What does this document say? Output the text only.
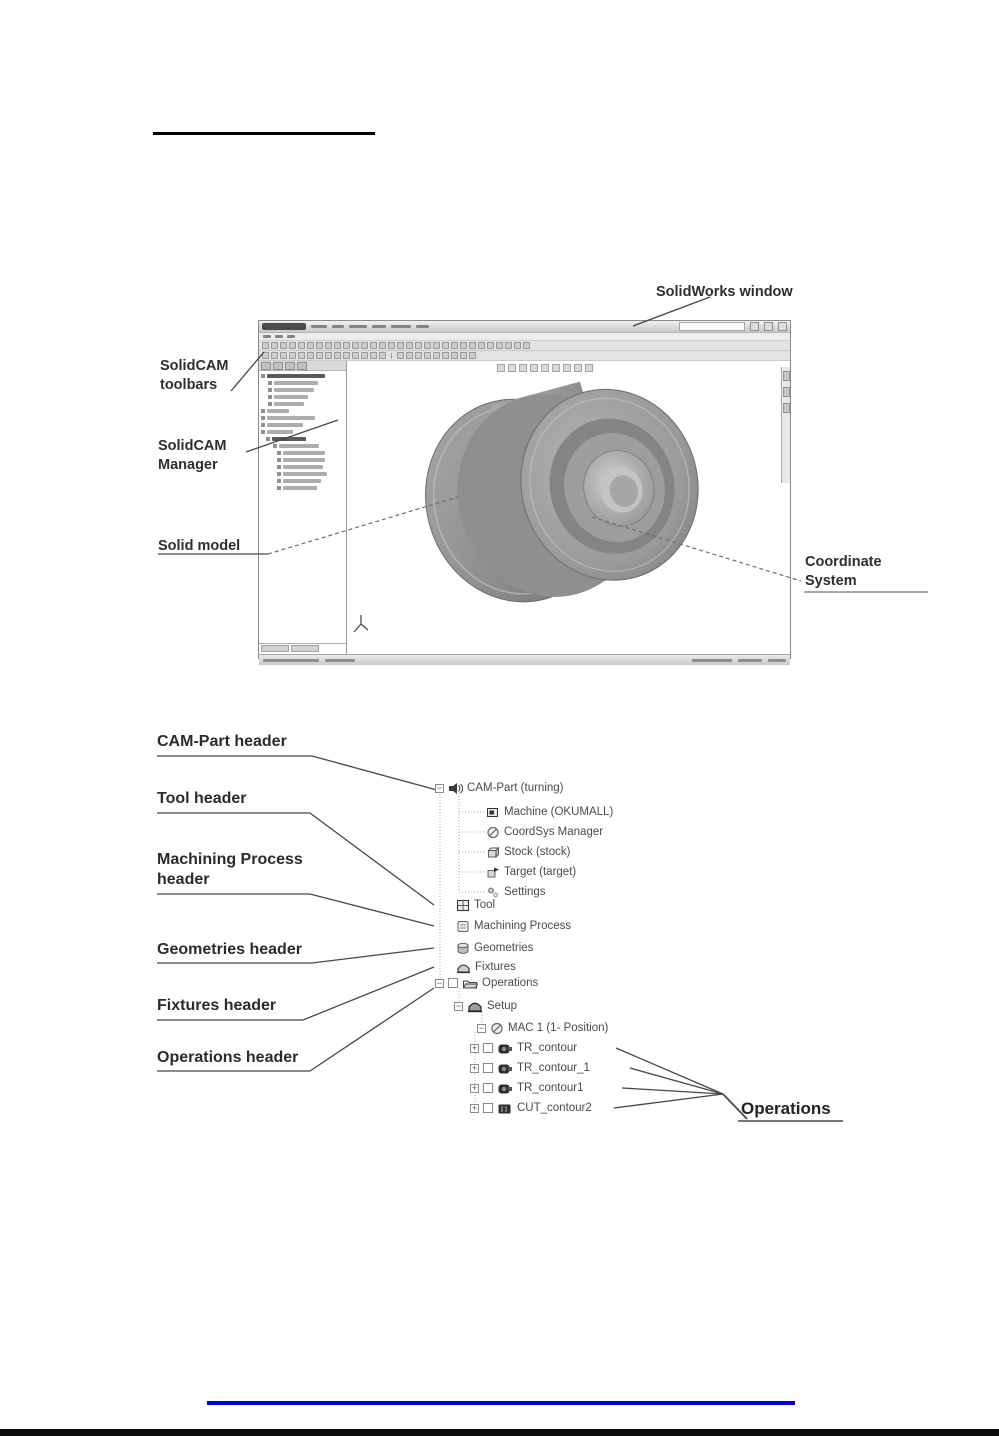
SolidWorks window
SolidCAM toolbars
SolidCAM Manager
Solid model
Coordinate System
CAM-Part header
Tool header
Machining Process header
Geometries header
Fixtures header
Operations header
Operations
− CAM-Part (turning)
Machine (OKUMALL)
CoordSys Manager
Stock (stock)
Target (target)
Settings
Tool
Machining Process
Geometries
Fixtures
−	Operations
− Setup
− MAC 1 (1- Position)
+	TR_contour
+	TR_contour_1
+	TR_contour1
+	CUT_contour2
